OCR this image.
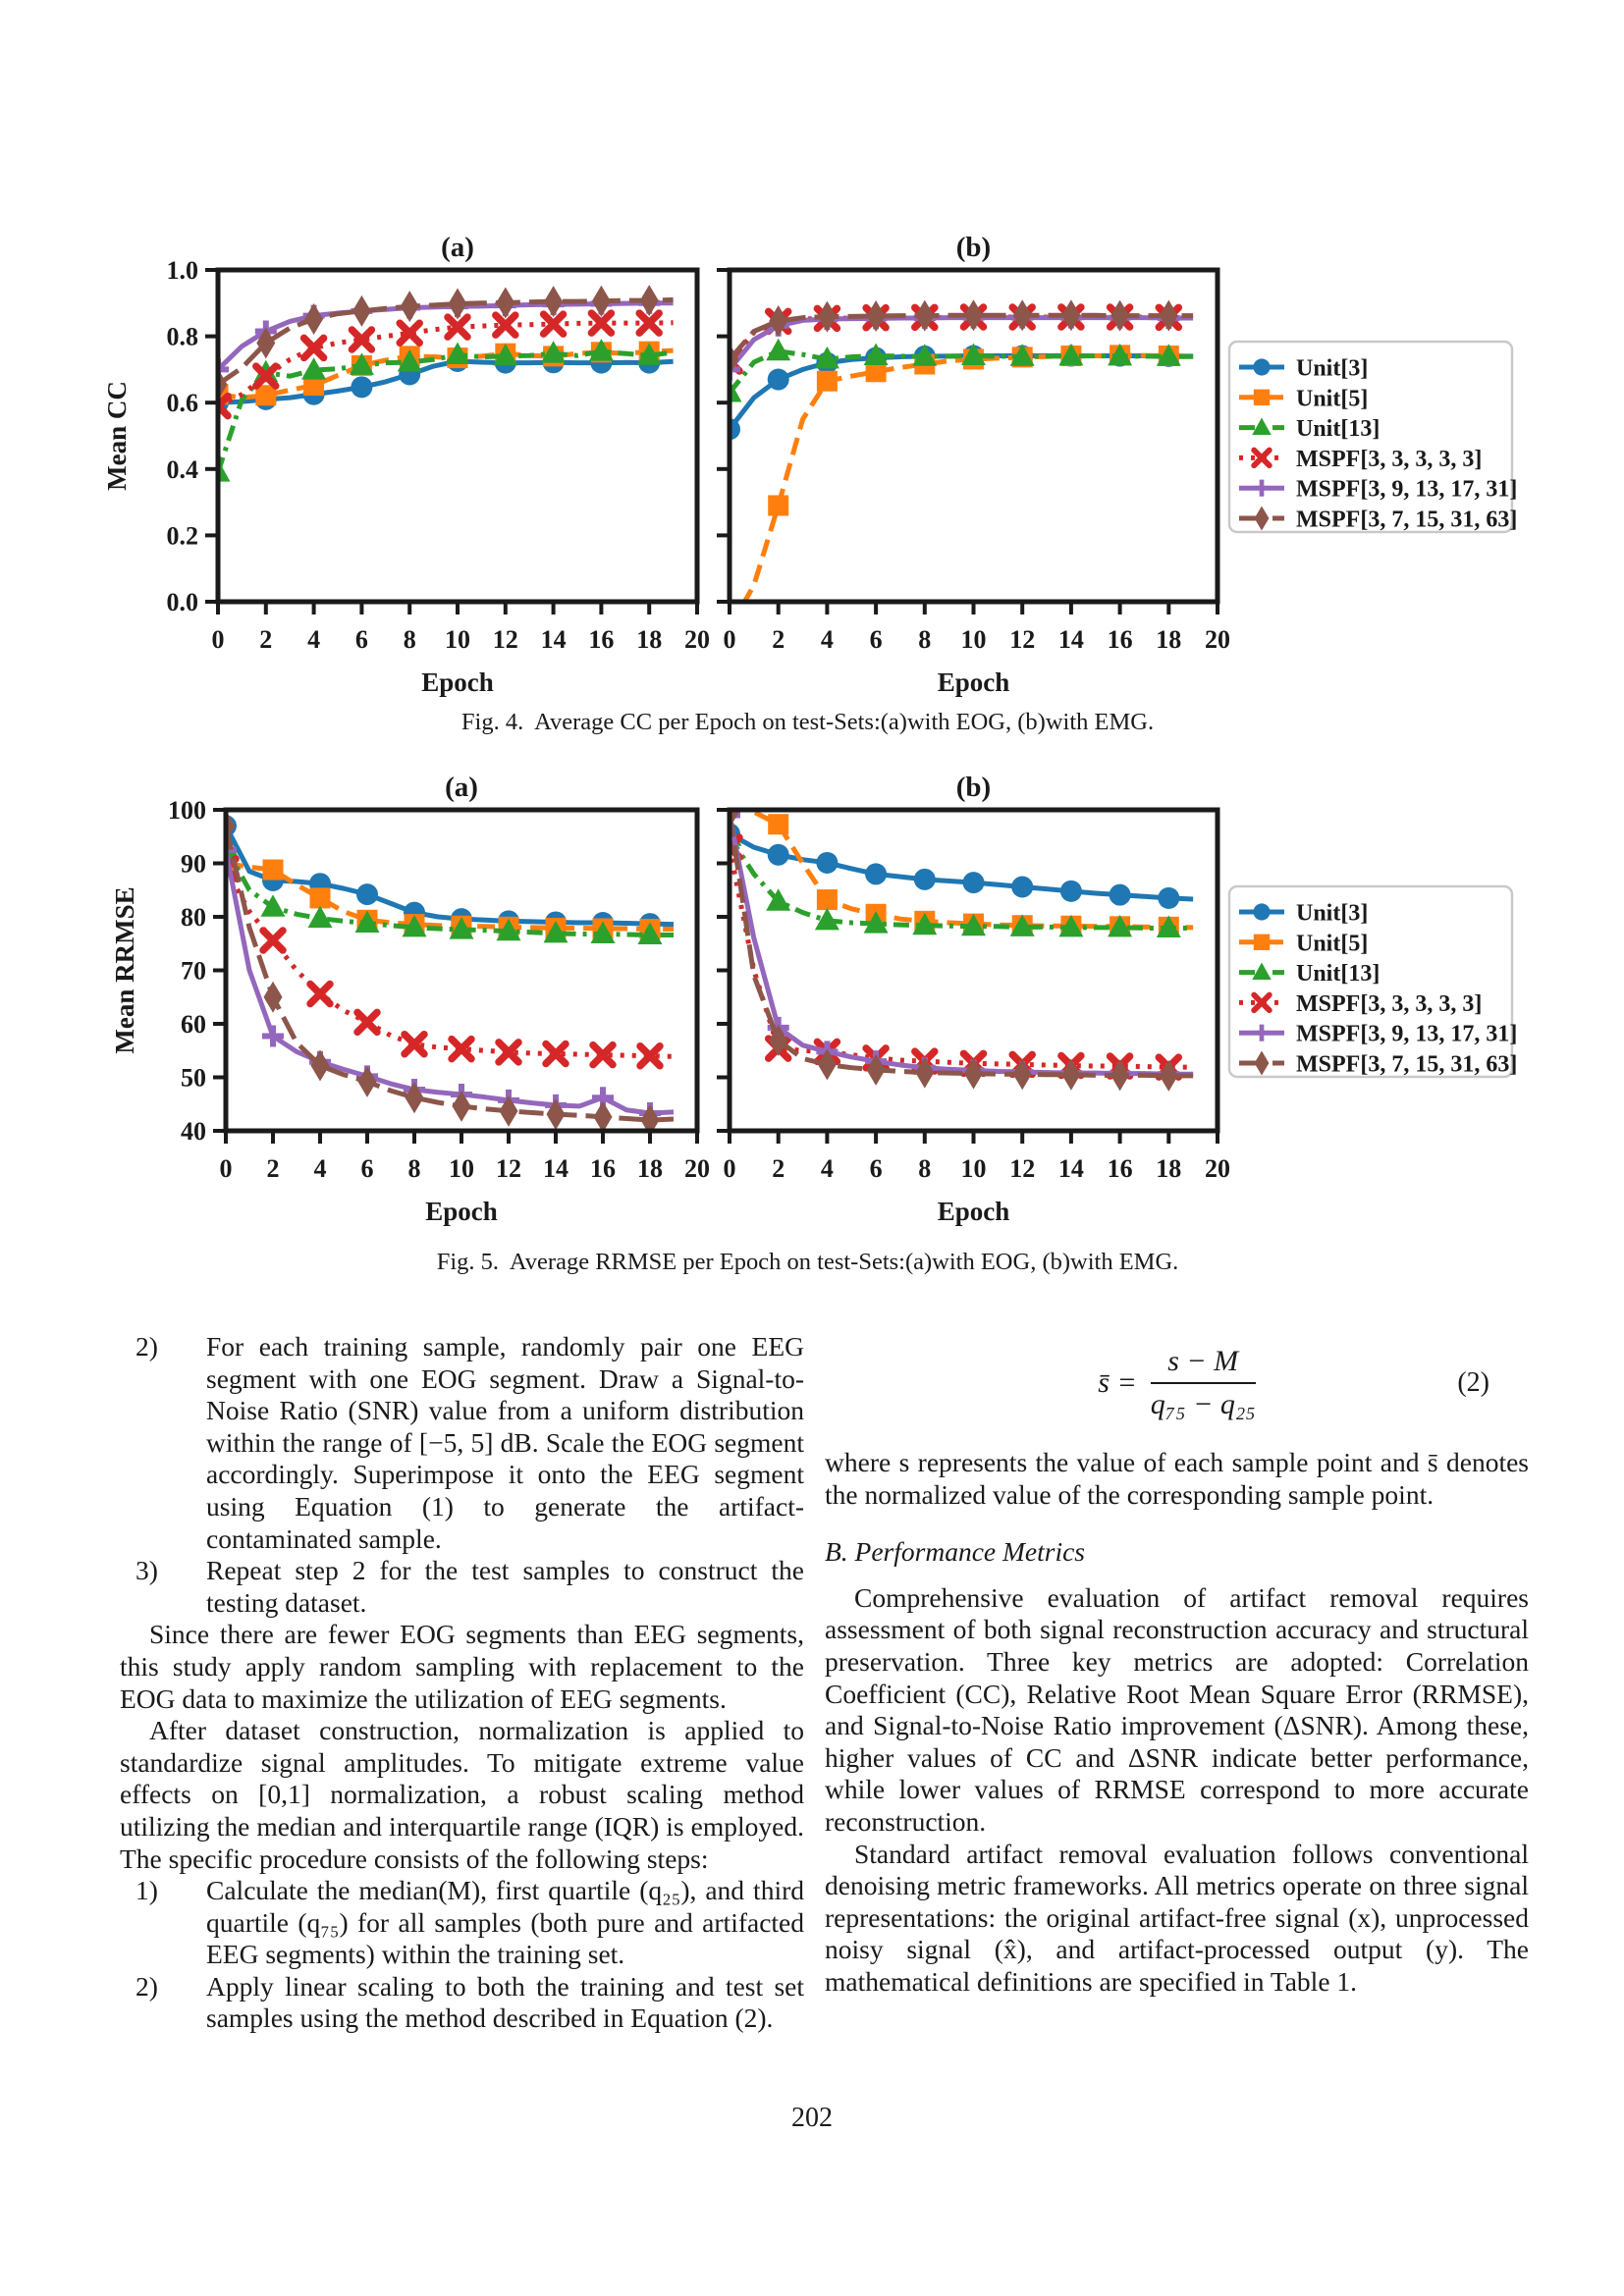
(a)
0 2 4 6 8 10 12 14 16 18 20
0.0
0.2
0.4
0.6
0.8
1.0
Epoch
Mean CC
(b)
0 2 4 6 8 10 12 14 16 18 20
Epoch
Unit[3]
Unit[5]
Unit[13]
MSPF[3, 3, 3, 3, 3]
MSPF[3, 9, 13, 17, 31]
MSPF[3, 7, 15, 31, 63]
Fig. 4.  Average CC per Epoch on test-Sets:(a)with EOG, (b)with EMG.
(a)
0 2 4 6 8 10 12 14 16 18 20
40
50
60
70
80
90
100
Epoch
Mean RRMSE
(b)
0 2 4 6 8 10 12 14 16 18 20
Epoch
Unit[3]
Unit[5]
Unit[13]
MSPF[3, 3, 3, 3, 3]
MSPF[3, 9, 13, 17, 31]
MSPF[3, 7, 15, 31, 63]
Fig. 5.  Average RRMSE per Epoch on test-Sets:(a)with EOG, (b)with EMG.
2)	For each training sample, randomly pair one EEG segment with one EOG segment. Draw a Signal-to-Noise Ratio (SNR) value from a uniform distribution within the range of [−5, 5] dB. Scale the EOG segment accordingly. Superimpose it onto the EEG segment using Equation (1) to generate the artifact-contaminated sample.
3)	Repeat step 2 for the test samples to construct the testing dataset.

Since there are fewer EOG segments than EEG segments, this study apply random sampling with replacement to the EOG data to maximize the utilization of EEG segments.

After dataset construction, normalization is applied to standardize signal amplitudes. To mitigate extreme value effects on [0,1] normalization, a robust scaling method utilizing the median and interquartile range (IQR) is employed. The specific procedure consists of the following steps:

1)	Calculate the median(M), first quartile (q₂₅), and third quartile (q₇₅) for all samples (both pure and artifacted EEG segments) within the training set.
2)	Apply linear scaling to both the training and test set samples using the method described in Equation (2).
s̄ = $\frac{s - M}{\text{q₇₅ − q₂₅}}$	(2)

where s represents the value of each sample point and s̄ denotes the normalized value of the corresponding sample point.

B. Performance Metrics

Comprehensive evaluation of artifact removal requires assessment of both signal reconstruction accuracy and structural preservation. Three key metrics are adopted: Correlation Coefficient (CC), Relative Root Mean Square Error (RRMSE), and Signal-to-Noise Ratio improvement (ΔSNR). Among these, higher values of CC and ΔSNR indicate better performance, while lower values of RRMSE correspond to more accurate reconstruction.

Standard artifact removal evaluation follows conventional denoising metric frameworks. All metrics operate on three signal representations: the original artifact-free signal (x), unprocessed noisy signal (x̂), and artifact-processed output (y). The mathematical definitions are specified in Table 1.

202
